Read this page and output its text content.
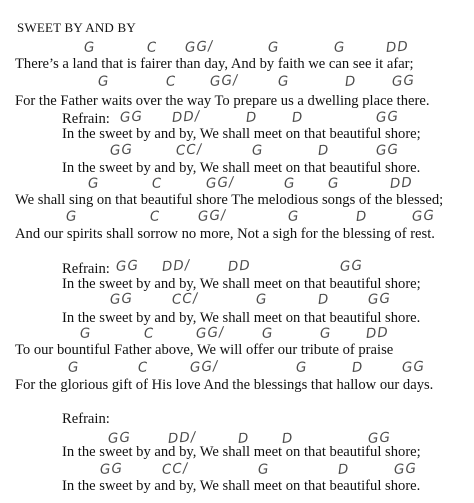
SWEET BY AND BY
G	C GG/	G	G	DD
There’s a land that is fairer than day, And by faith we can see it afar;
G	C GG/	G	D	GG
For the Father waits over the way To prepare us a dwelling place there.
Refrain: GG DD/	D D	GG
In the sweet by and by, We shall meet on that beautiful shore;
GG	CC/	G	D	GG
In the sweet by and by, We shall meet on that beautiful shore.
G	C	GG/	G G	DD
We shall sing on that beautiful shore The melodious songs of the blessed;
G	C	GG/	G	D	GG
And our spirits shall sorrow no more, Not a sigh for the blessing of rest.
Refrain: GG DD/	DD	GG
In the sweet by and by, We shall meet on that beautiful shore;
GG	CC/	G	D	GG
In the sweet by and by, We shall meet on that beautiful shore.
G	C	GG/	G	G DD
To our bountiful Father above, We will offer our tribute of praise
G	C	GG/	G	D	GG
For the glorious gift of His love And the blessings that hallow our days.
Refrain:
GG	DD/	D D	GG
In the sweet by and by, We shall meet on that beautiful shore;
GG	CC/	G	D	GG
In the sweet by and by, We shall meet on that beautiful shore.
